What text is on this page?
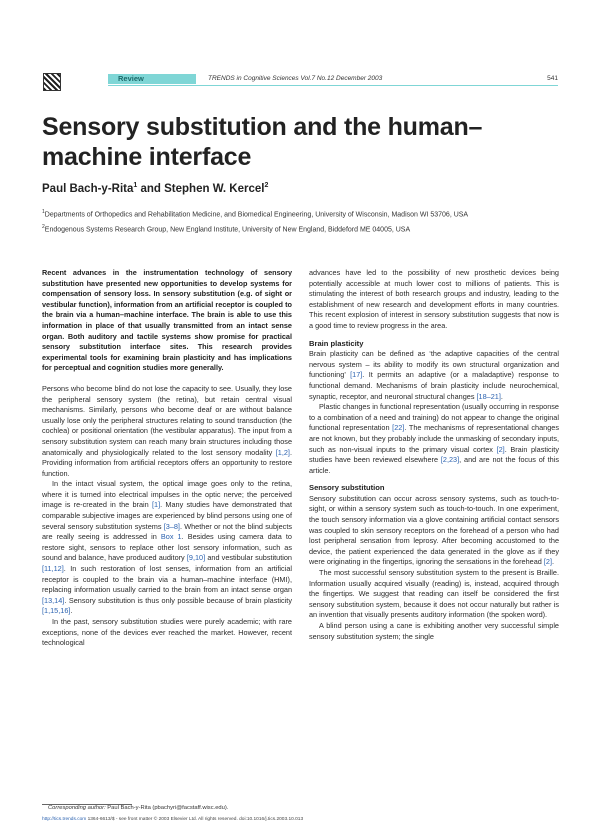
Review	TRENDS in Cognitive Sciences Vol.7 No.12 December 2003	541
Sensory substitution and the human–machine interface
Paul Bach-y-Rita$^1$ and Stephen W. Kercel$^2$

$^1$Departments of Orthopedics and Rehabilitation Medicine, and Biomedical Engineering, University of Wisconsin, Madison WI 53706, USA

$^2$Endogenous Systems Research Group, New England Institute, University of New England, Biddeford ME 04005, USA

Recent advances in the instrumentation technology of sensory substitution have presented new opportunities to develop systems for compensation of sensory loss. In sensory substitution (e.g. of sight or vestibular function), information from an artificial receptor is coupled to the brain via a human–machine interface. The brain is able to use this information in place of that usually transmitted from an intact sense organ. Both auditory and tactile systems show promise for practical sensory substitution interface sites. This research provides experimental tools for examining brain plasticity and has implications for perceptual and cognition studies more generally.

Persons who become blind do not lose the capacity to see. Usually, they lose the peripheral sensory system (the retina), but retain central visual mechanisms. Similarly, persons who become deaf or are without balance usually lose only the peripheral structures relating to sound transduction (the cochlea) or positional orientation (the vestibular apparatus). The input from a sensory substitution system can reach many brain structures including those anatomically and physiologically related to the lost sensory modality [1,2]. Providing information from artificial receptors offers an opportunity to restore function.

In the intact visual system, the optical image goes only to the retina, where it is turned into electrical impulses in the optic nerve; the perceived image is re-created in the brain [1]. Many studies have demonstrated that comparable subjective images are experienced by blind persons using one of several sensory substitution systems [3–8]. Whether or not the blind subjects are really seeing is addressed in Box 1. Besides using camera data to restore sight, sensors to replace other lost sensory information, such as sound and balance, have produced auditory [9,10] and vestibular substitution [11,12]. In such restoration of lost senses, information from an artificial receptor is coupled to the brain via a human–machine interface (HMI), replacing information usually carried to the brain from an intact sense organ [13,14]. Sensory substitution is thus only possible because of brain plasticity [1,15,16].

In the past, sensory substitution studies were purely academic; with rare exceptions, none of the devices ever reached the market. However, recent technological

advances have led to the possibility of new prosthetic devices being potentially accessible at much lower cost to millions of patients. This is stimulating the interest of both research groups and industry, leading to the establishment of new research and development efforts in many countries. This recent explosion of interest in sensory substitution suggests that now is a good time to review progress in the area.

Brain plasticity

Brain plasticity can be defined as ‘the adaptive capacities of the central nervous system – its ability to modify its own structural organization and functioning’ [17]. It permits an adaptive (or a maladaptive) response to functional demand. Mechanisms of brain plasticity include neurochemical, synaptic, receptor, and neuronal structural changes [18–21].

Plastic changes in functional representation (usually occurring in response to a combination of a need and training) do not appear to change the original functional representation [22]. The mechanisms of representational changes are not known, but they probably include the unmasking of secondary inputs, such as non-visual inputs to the primary visual cortex [2]. Brain plasticity studies have been reviewed elsewhere [2,23], and are not the focus of this article.

Sensory substitution

Sensory substitution can occur across sensory systems, such as touch-to-sight, or within a sensory system such as touch-to-touch. In one experiment, the touch sensory information via a glove containing artificial contact sensors was coupled to skin sensory receptors on the forehead of a person who had lost peripheral sensation from leprosy. After becoming accustomed to the device, the patient experienced the data generated in the glove as if they were originating in the fingertips, ignoring the sensations in the forehead [2].

The most successful sensory substitution system to the present is Braille. Information usually acquired visually (reading) is, instead, acquired through the fingertips. We suggest that reading can itself be considered the first sensory substitution system, because it does not occur naturally but rather is an invention that visually presents auditory information (the spoken word).

A blind person using a cane is exhibiting another very successful simple sensory substitution system; the single

Corresponding author: Paul Bach-y-Rita (pbachyri@facstaff.wisc.edu).
http://tics.trends.com 1364-6613/$ - see front matter © 2003 Elsevier Ltd. All rights reserved. doi:10.1016/j.tics.2003.10.013
